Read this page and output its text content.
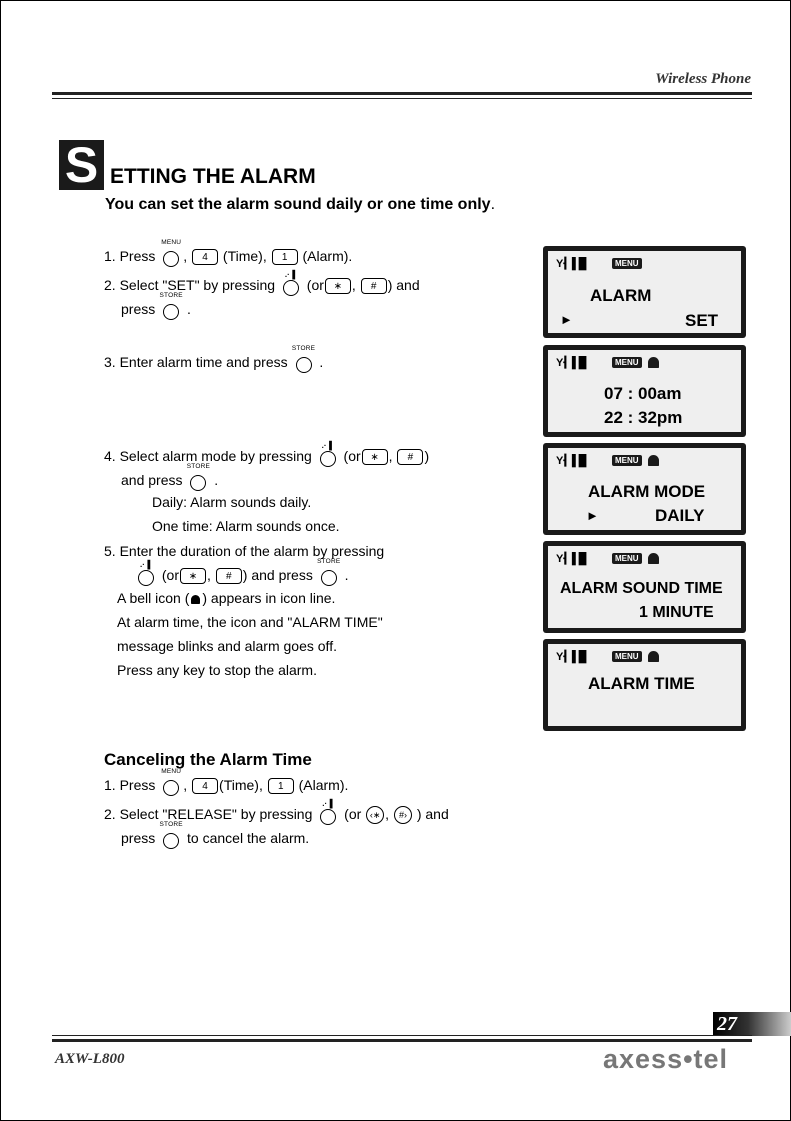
Wireless Phone
S ETTING THE ALARM
You can set the alarm sound daily or one time only.
1. Press
MENU
, 4 (Time), 1 (Alarm).
2. Select "SET" by pressing
.∙▐
(or ∗ , # ) and
press
STORE
.
3. Enter alarm time and press
STORE
.
4. Select alarm mode by pressing
.∙▐
(or ∗ , # )
and press
STORE
.
Daily: Alarm sounds daily.
One time: Alarm sounds once.
5. Enter the duration of the alarm by pressing
.∙▐
(or ∗ , # ) and press
STORE
.
A bell icon ( ) appears in icon line.
At alarm time, the icon and "ALARM TIME"
message blinks and alarm goes off.
Press any key to stop the alarm.
Canceling the Alarm Time
1. Press
MENU
, 4 (Time), 1 (Alarm).
2. Select "RELEASE" by pressing
.∙▐
(or ‹∗ , #› ) and
press
STORE
to cancel the alarm.
Y∙▎▌█	MENU
ALARM
►	SET
Y∙▎▌█	MENU
07 : 00am
22 : 32pm
Y∙▎▌█	MENU
ALARM MODE
►	DAILY
Y∙▎▌█	MENU
ALARM SOUND TIME
1 MINUTE
Y∙▎▌█	MENU
ALARM TIME
27
AXW-L800	axess•tel
